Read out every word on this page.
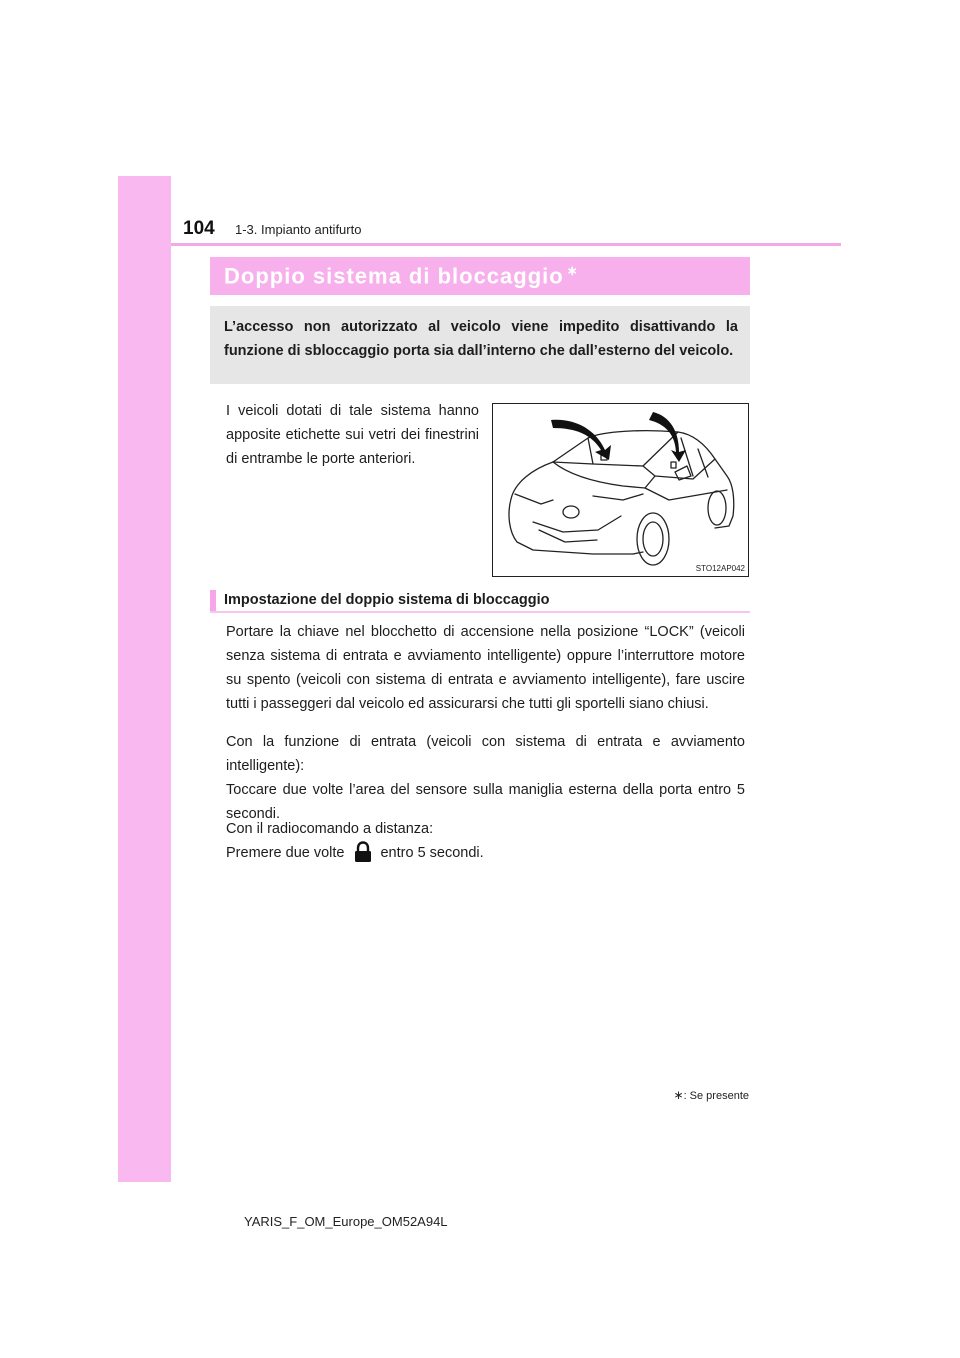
104 1-3. Impianto antifurto
Doppio sistema di bloccaggio ∗
L’accesso non autorizzato al veicolo viene impedito disattivando la funzione di sbloccaggio porta sia dall’interno che dall’esterno del veicolo.
I veicoli dotati di tale sistema hanno apposite etichette sui vetri dei finestrini di entrambe le porte anteriori.
STO12AP042
Impostazione del doppio sistema di bloccaggio

Portare la chiave nel blocchetto di accensione nella posizione “LOCK” (veicoli senza sistema di entrata e avviamento intelligente) oppure l’interruttore motore su spento (veicoli con sistema di entrata e avviamento intelligente), fare uscire tutti i passeggeri dal veicolo ed assicurarsi che tutti gli sportelli siano chiusi.

Con la funzione di entrata (veicoli con sistema di entrata e avviamento intelligente):
Toccare due volte l’area del sensore sulla maniglia esterna della porta entro 5 secondi.
Con il radiocomando a distanza:
Premere due volte entro 5 secondi.
∗: Se presente
YARIS_F_OM_Europe_OM52A94L
